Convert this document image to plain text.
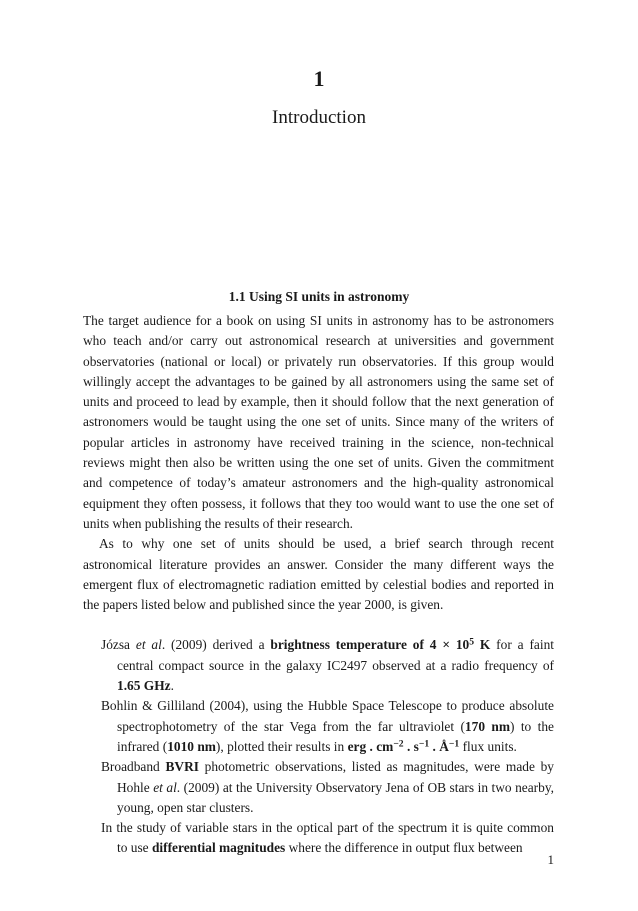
1
Introduction
1.1 Using SI units in astronomy

The target audience for a book on using SI units in astronomy has to be astronomers who teach and/or carry out astronomical research at universities and government observatories (national or local) or privately run observatories. If this group would willingly accept the advantages to be gained by all astronomers using the same set of units and proceed to lead by example, then it should follow that the next generation of astronomers would be taught using the one set of units. Since many of the writers of popular articles in astronomy have received training in the science, non-technical reviews might then also be written using the one set of units. Given the commitment and competence of today’s amateur astronomers and the high-quality astronomical equipment they often possess, it follows that they too would want to use the one set of units when publishing the results of their research.

As to why one set of units should be used, a brief search through recent astronomical literature provides an answer. Consider the many different ways the emergent flux of electromagnetic radiation emitted by celestial bodies and reported in the papers listed below and published since the year 2000, is given.

Józsa et al. (2009) derived a brightness temperature of $4 \times 10^5$ K for a faint central compact source in the galaxy IC2497 observed at a radio frequency of 1.65 GHz.

Bohlin & Gilliland (2004), using the Hubble Space Telescope to produce absolute spectrophotometry of the star Vega from the far ultraviolet (170 nm) to the infrared (1010 nm), plotted their results in erg . $cm^{-2}$ . $s^{-1}$ . $Å^{-1}$ flux units.

Broadband BVRI photometric observations, listed as magnitudes, were made by Hohle et al. (2009) at the University Observatory Jena of OB stars in two nearby, young, open star clusters.

In the study of variable stars in the optical part of the spectrum it is quite common to use differential magnitudes where the difference in output flux between

1
